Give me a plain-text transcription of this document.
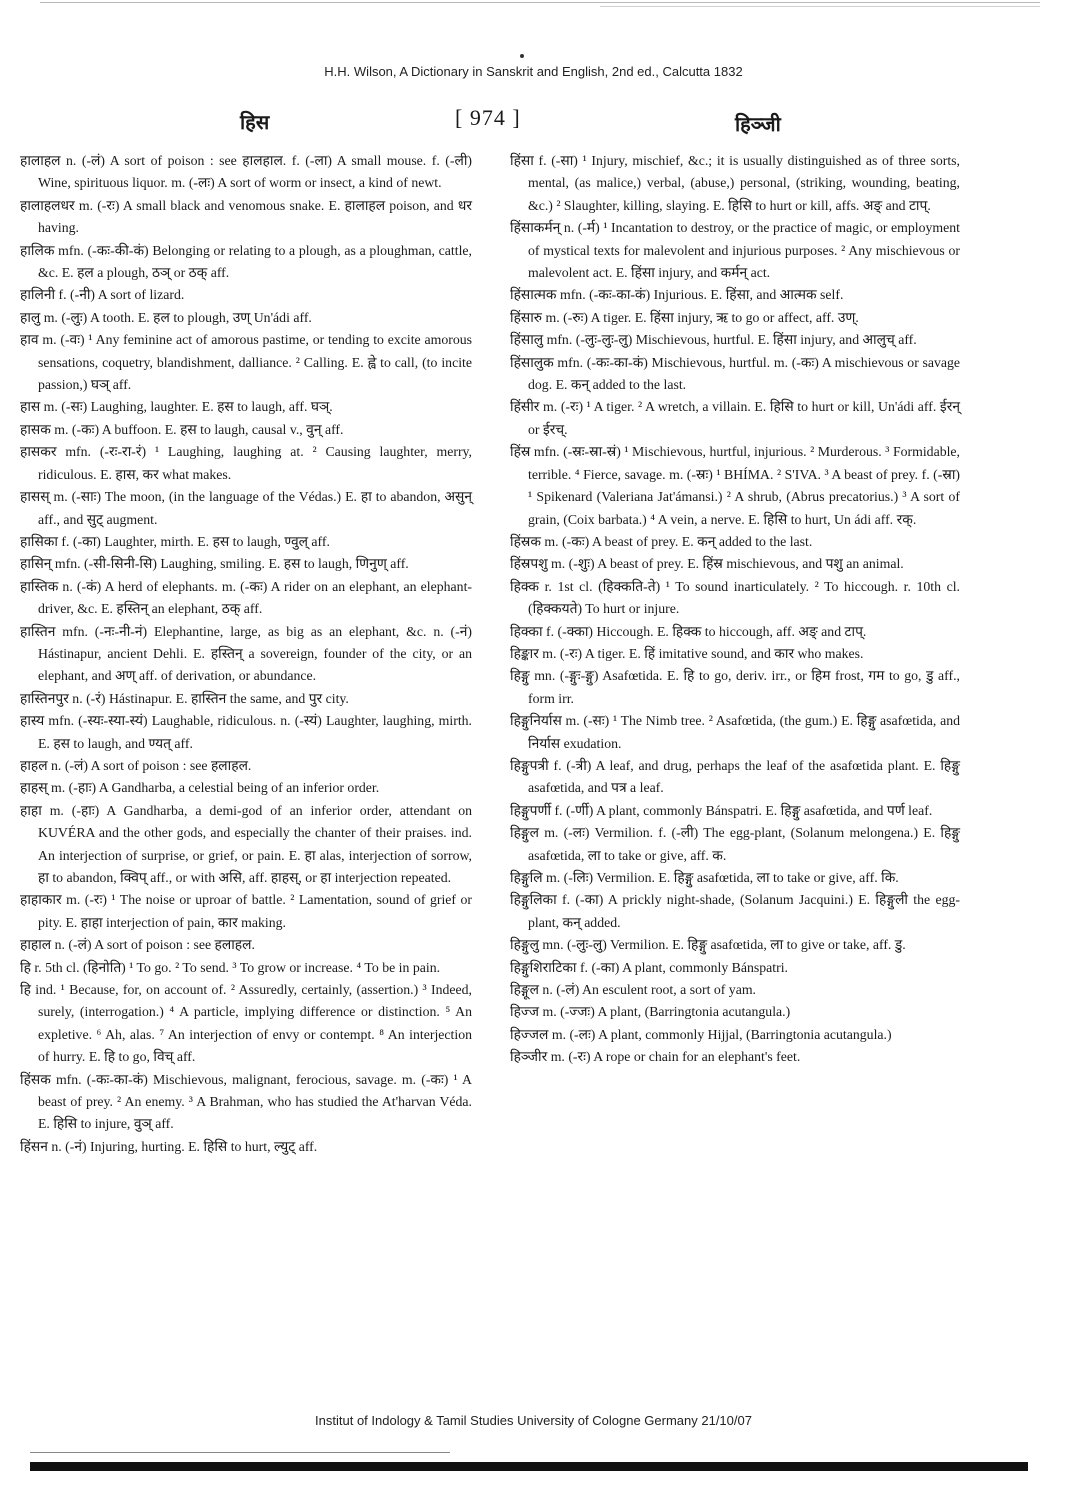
H.H. Wilson, A Dictionary in Sanskrit and English, 2nd ed., Calcutta 1832
हिस	[ 974 ]	हिञ्जी

हालाहल n. (-लं) A sort of poison : see हालहाल. f. (-ला) A small mouse. f. (-ली) Wine, spirituous liquor. m. (-लः) A sort of worm or insect, a kind of newt.

हालाहलधर m. (-रः) A small black and venomous snake. E. हालाहल poison, and धर having.

हालिक mfn. (-कः-की-कं) Belonging or relating to a plough, as a ploughman, cattle, &c. E. हल a plough, ठञ् or ठक् aff.

हालिनी f. (-नी) A sort of lizard.

हालु m. (-लुः) A tooth. E. हल to plough, उण् Un'ádi aff.

हाव m. (-वः) ¹ Any feminine act of amorous pastime, or tending to excite amorous sensations, coquetry, blandishment, dalliance. ² Calling. E. ह्वे to call, (to incite passion,) घञ् aff.

हास m. (-सः) Laughing, laughter. E. हस to laugh, aff. घञ्.

हासक m. (-कः) A buffoon. E. हस to laugh, causal v., वुन् aff.

हासकर mfn. (-रः-रा-रं) ¹ Laughing, laughing at. ² Causing laughter, merry, ridiculous. E. हास, कर what makes.

हासस् m. (-साः) The moon, (in the language of the Védas.) E. हा to abandon, असुन् aff., and सुट् augment.

हासिका f. (-का) Laughter, mirth. E. हस to laugh, ण्वुल् aff.

हासिन् mfn. (-सी-सिनी-सि) Laughing, smiling. E. हस to laugh, णिनुण् aff.

हास्तिक n. (-कं) A herd of elephants. m. (-कः) A rider on an elephant, an elephant-driver, &c. E. हस्तिन् an elephant, ठक् aff.

हास्तिन mfn. (-नः-नी-नं) Elephantine, large, as big as an elephant, &c. n. (-नं) Hástinapur, ancient Dehli. E. हस्तिन् a sovereign, founder of the city, or an elephant, and अण् aff. of derivation, or abundance.

हास्तिनपुर n. (-रं) Hástinapur. E. हास्तिन the same, and पुर city.

हास्य mfn. (-स्यः-स्या-स्यं) Laughable, ridiculous. n. (-स्यं) Laughter, laughing, mirth. E. हस to laugh, and ण्यत् aff.

हाहल n. (-लं) A sort of poison : see हलाहल.

हाहस् m. (-हाः) A Gandharba, a celestial being of an inferior order.

हाहा m. (-हाः) A Gandharba, a demi-god of an inferior order, attendant on KUVÉRA and the other gods, and especially the chanter of their praises. ind. An interjection of surprise, or grief, or pain. E. हा alas, interjection of sorrow, हा to abandon, क्विप् aff., or with असि, aff. हाहस्, or हा interjection repeated.

हाहाकार m. (-रः) ¹ The noise or uproar of battle. ² Lamentation, sound of grief or pity. E. हाहा interjection of pain, कार making.

हाहाल n. (-लं) A sort of poison : see हलाहल.

हि r. 5th cl. (हिनोति) ¹ To go. ² To send. ³ To grow or increase. ⁴ To be in pain.

हि ind. ¹ Because, for, on account of. ² Assuredly, certainly, (assertion.) ³ Indeed, surely, (interrogation.) ⁴ A particle, implying difference or distinction. ⁵ An expletive. ⁶ Ah, alas. ⁷ An interjection of envy or contempt. ⁸ An interjection of hurry. E. हि to go, विच् aff.

हिंसक mfn. (-कः-का-कं) Mischievous, malignant, ferocious, savage. m. (-कः) ¹ A beast of prey. ² An enemy. ³ A Brahman, who has studied the At'harvan Véda. E. हिसि to injure, वुञ् aff.

हिंसन n. (-नं) Injuring, hurting. E. हिसि to hurt, ल्युट् aff.

हिंसा f. (-सा) ¹ Injury, mischief, &c.; it is usually distinguished as of three sorts, mental, (as malice,) verbal, (abuse,) personal, (striking, wounding, beating, &c.) ² Slaughter, killing, slaying. E. हिसि to hurt or kill, affs. अङ् and टाप्.

हिंसाकर्मन् n. (-र्म) ¹ Incantation to destroy, or the practice of magic, or employment of mystical texts for malevolent and injurious purposes. ² Any mischievous or malevolent act. E. हिंसा injury, and कर्मन् act.

हिंसात्मक mfn. (-कः-का-कं) Injurious. E. हिंसा, and आत्मक self.

हिंसारु m. (-रुः) A tiger. E. हिंसा injury, ऋ to go or affect, aff. उण्.

हिंसालु mfn. (-लुः-लुः-लु) Mischievous, hurtful. E. हिंसा injury, and आलुच् aff.

हिंसालुक mfn. (-कः-का-कं) Mischievous, hurtful. m. (-कः) A mischievous or savage dog. E. कन् added to the last.

हिंसीर m. (-रः) ¹ A tiger. ² A wretch, a villain. E. हिसि to hurt or kill, Un'ádi aff. ईरन् or ईरच्.

हिंस्र mfn. (-स्रः-स्रा-स्रं) ¹ Mischievous, hurtful, injurious. ² Murderous. ³ Formidable, terrible. ⁴ Fierce, savage. m. (-स्रः) ¹ BHÍMA. ² S'IVA. ³ A beast of prey. f. (-स्रा) ¹ Spikenard (Valeriana Jat'ámansi.) ² A shrub, (Abrus precatorius.) ³ A sort of grain, (Coix barbata.) ⁴ A vein, a nerve. E. हिसि to hurt, Un ádi aff. रक्.

हिंस्रक m. (-कः) A beast of prey. E. कन् added to the last.

हिंस्रपशु m. (-शुः) A beast of prey. E. हिंस्र mischievous, and पशु an animal.

हिक्क r. 1st cl. (हिक्कति-ते) ¹ To sound inarticulately. ² To hiccough. r. 10th cl. (हिक्कयते) To hurt or injure.

हिक्का f. (-क्का) Hiccough. E. हिक्क to hiccough, aff. अङ् and टाप्.

हिङ्कार m. (-रः) A tiger. E. हिं imitative sound, and कार who makes.

हिङ्गु mn. (-ङ्गुः-ङ्गु) Asafœtida. E. हि to go, deriv. irr., or हिम frost, गम to go, डु aff., form irr.

हिङ्गुनिर्यास m. (-सः) ¹ The Nimb tree. ² Asafœtida, (the gum.) E. हिङ्गु asafœtida, and निर्यास exudation.

हिङ्गुपत्री f. (-त्री) A leaf, and drug, perhaps the leaf of the asafœtida plant. E. हिङ्गु asafœtida, and पत्र a leaf.

हिङ्गुपर्णी f. (-र्णी) A plant, commonly Bánspatri. E. हिङ्गु asafœtida, and पर्ण leaf.

हिङ्गुल m. (-लः) Vermilion. f. (-ली) The egg-plant, (Solanum melongena.) E. हिङ्गु asafœtida, ला to take or give, aff. क.

हिङ्गुलि m. (-लिः) Vermilion. E. हिङ्गु asafœtida, ला to take or give, aff. कि.

हिङ्गुलिका f. (-का) A prickly night-shade, (Solanum Jacquini.) E. हिङ्गुली the egg-plant, कन् added.

हिङ्गुलु mn. (-लुः-लु) Vermilion. E. हिङ्गु asafœtida, ला to give or take, aff. डु.

हिङ्गुशिराटिका f. (-का) A plant, commonly Bánspatri.

हिङ्गूल n. (-लं) An esculent root, a sort of yam.

हिज्ज m. (-ज्जः) A plant, (Barringtonia acutangula.)

हिज्जल m. (-लः) A plant, commonly Hijjal, (Barringtonia acutangula.)

हिञ्जीर m. (-रः) A rope or chain for an elephant's feet.

Institut of Indology & Tamil Studies University of Cologne Germany 21/10/07
